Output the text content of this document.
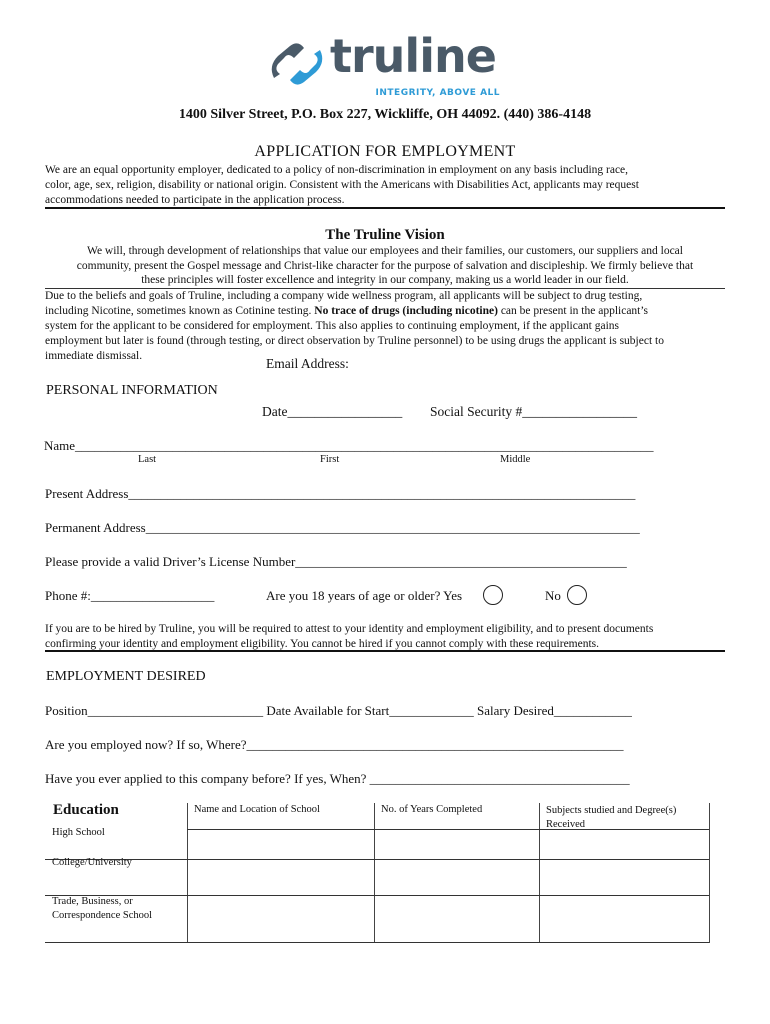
truline
INTEGRITY, ABOVE ALL
1400 Silver Street, P.O. Box 227, Wickliffe, OH 44092. (440) 386-4148
APPLICATION FOR EMPLOYMENT
We are an equal opportunity employer, dedicated to a policy of non-discrimination in employment on any basis including race,
color, age, sex, religion, disability or national origin. Consistent with the Americans with Disabilities Act, applicants may request
accommodations needed to participate in the application process.
The Truline Vision
We will, through development of relationships that value our employees and their families, our customers, our suppliers and local
community, present the Gospel message and Christ-like character for the purpose of salvation and discipleship. We firmly believe that
these principles will foster excellence and integrity in our company, making us a world leader in our field.
Due to the beliefs and goals of Truline, including a company wide wellness program, all applicants will be subject to drug testing,
including Nicotine, sometimes known as Cotinine testing. No trace of drugs (including nicotine) can be present in the applicant’s
system for the applicant to be considered for employment. This also applies to continuing employment, if the applicant gains
employment but later is found (through testing, or direct observation by Truline personnel) to be using drugs the applicant is subject to
immediate dismissal.	Email Address:
PERSONAL INFORMATION
Date_________________ Social Security #_________________
Name_________________________________________________________________________________________
Last	First	Middle
Present Address______________________________________________________________________________
Permanent Address____________________________________________________________________________
Please provide a valid Driver’s License Number___________________________________________________
Phone #:___________________	Are you 18 years of age or older? Yes	No
If you are to be hired by Truline, you will be required to attest to your identity and employment eligibility, and to present documents
confirming your identity and employment eligibility. You cannot be hired if you cannot comply with these requirements.
EMPLOYMENT DESIRED
Position___________________________ Date Available for Start_____________ Salary Desired____________
Are you employed now? If so, Where?__________________________________________________________
Have you ever applied to this company before? If yes, When? ________________________________________
Education	Name and Location of School	No. of Years Completed	Subjects studied and Degree(s) Received
High School
College/University
Trade, Business, or Correspondence School
